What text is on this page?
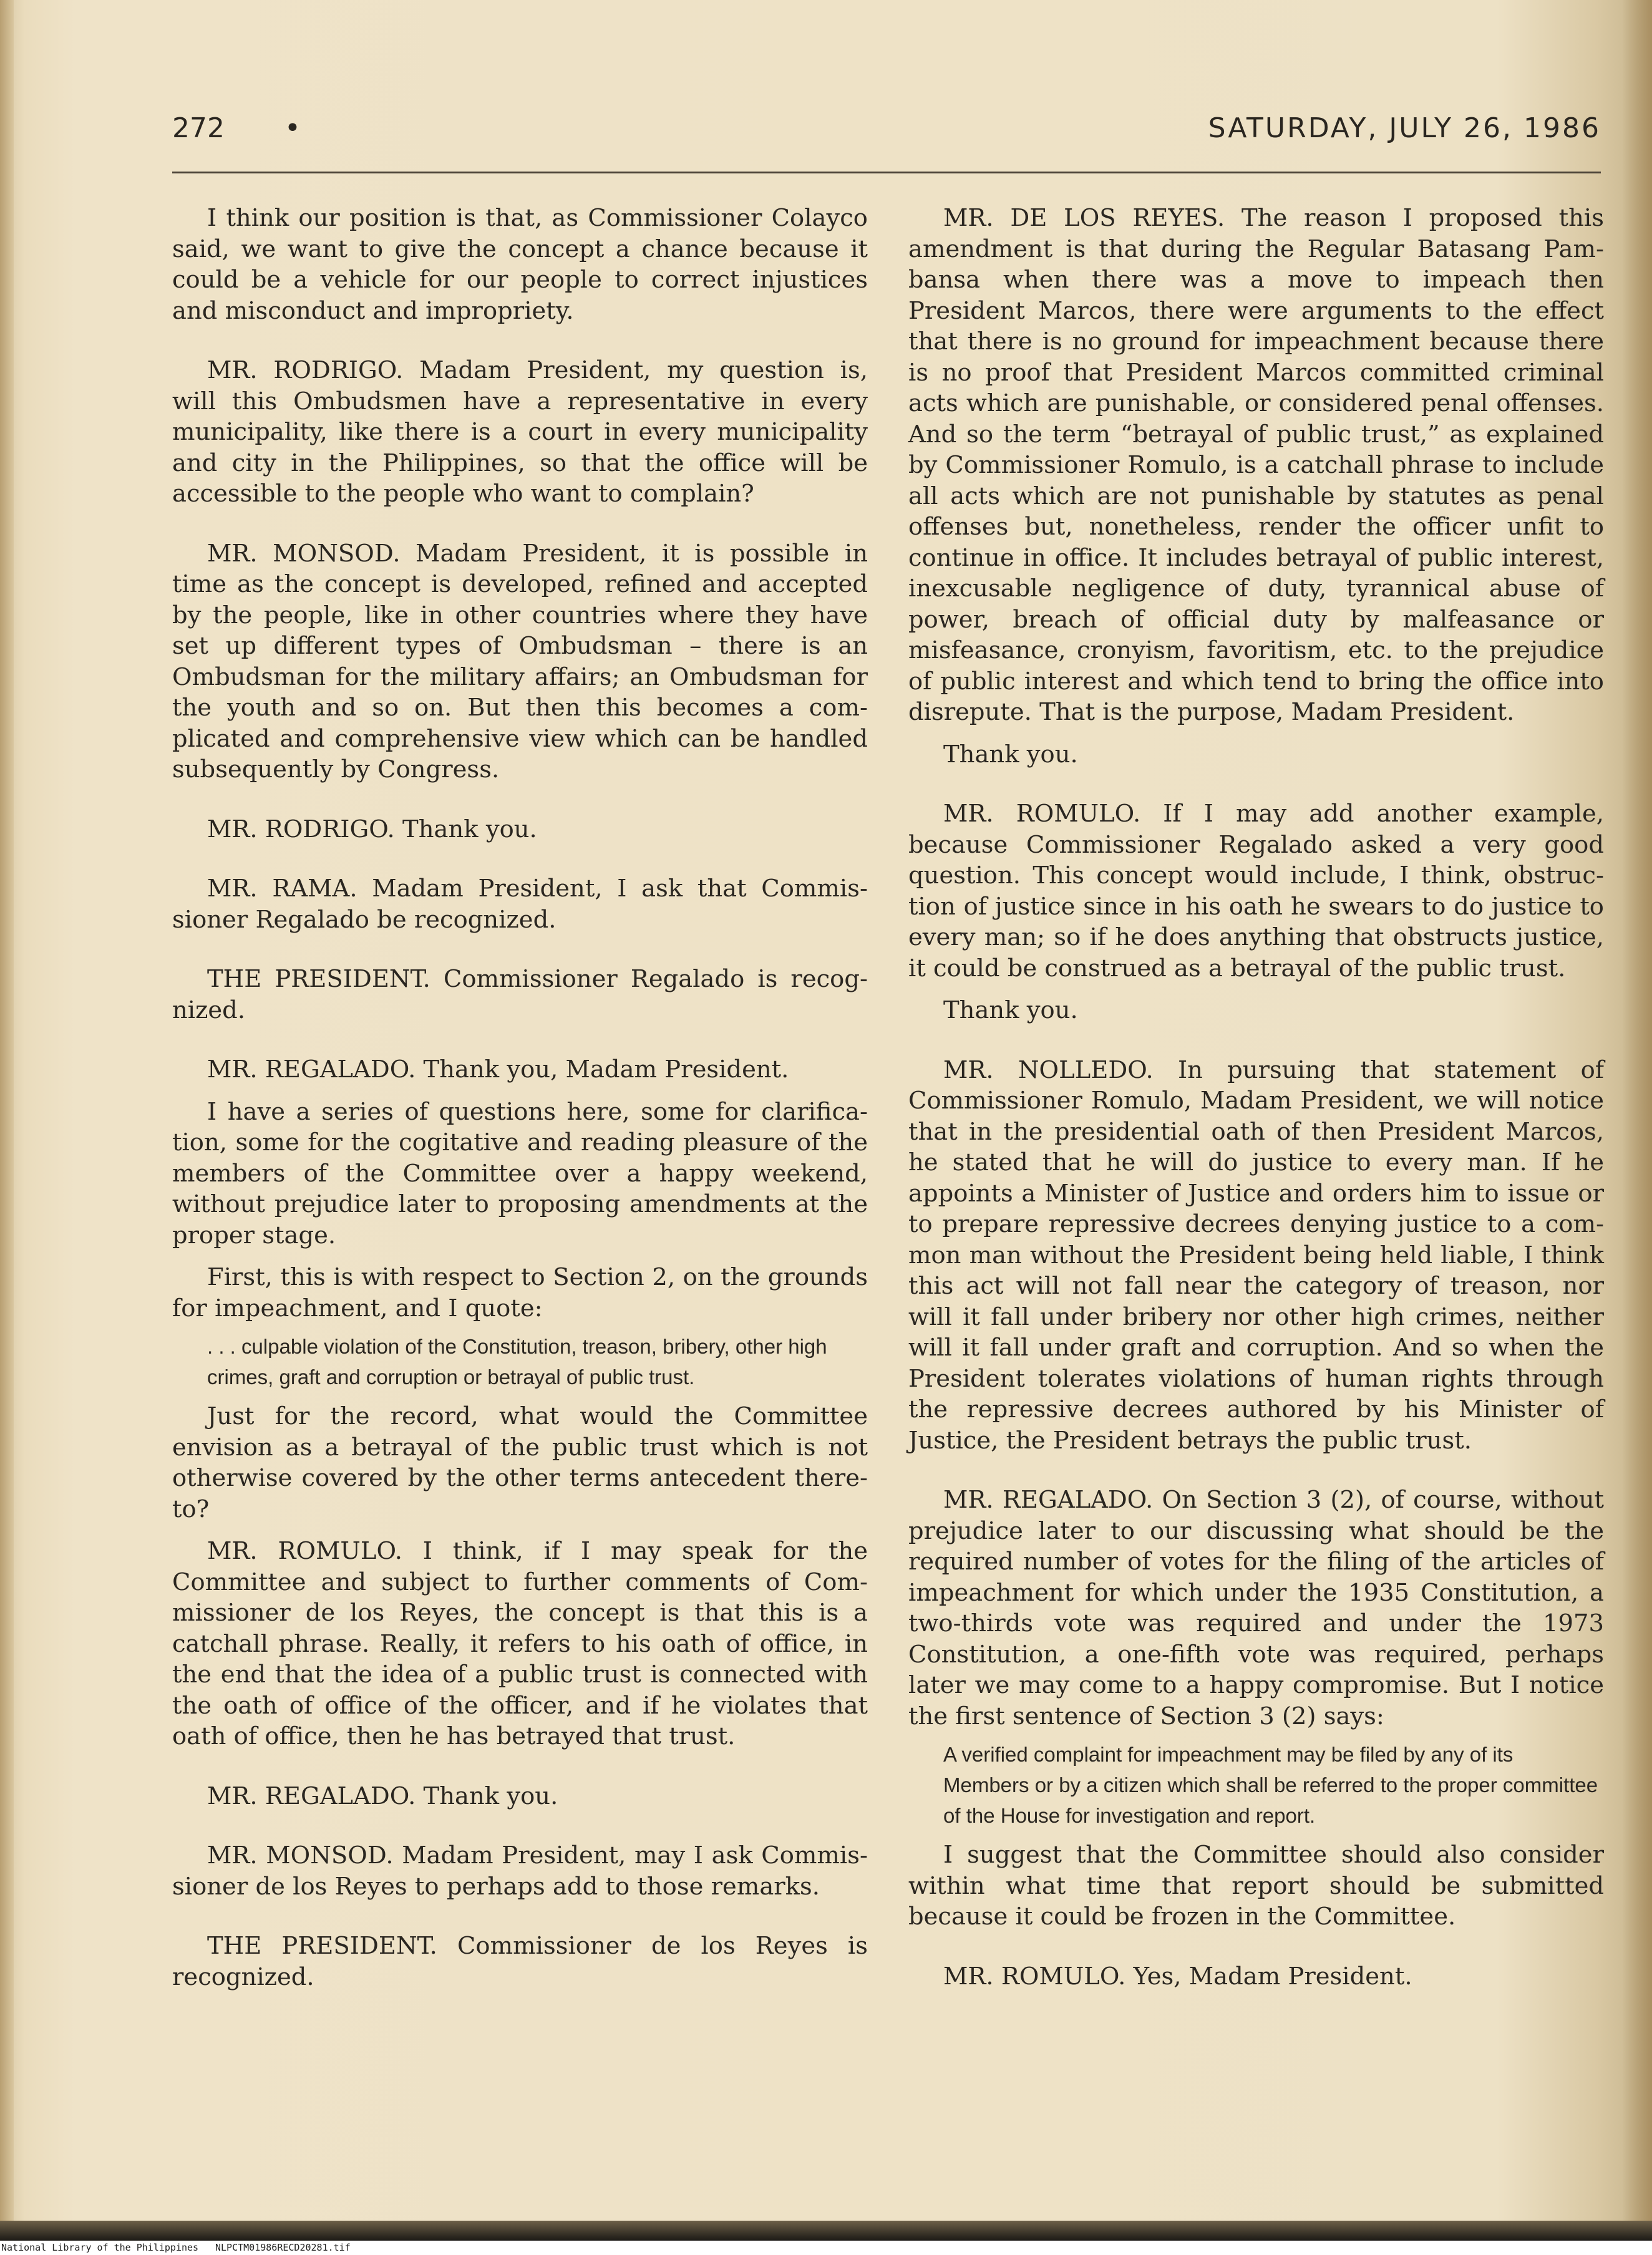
272 •	SATURDAY, JULY 26, 1986

I think our position is that, as Commissioner Colayco said, we want to give the concept a chance because it could be a vehicle for our people to correct injustices and misconduct and impropriety.

MR. RODRIGO. Madam President, my question is, will this Ombudsmen have a representative in every municipality, like there is a court in every municipality and city in the Philippines, so that the office will be accessible to the people who want to complain?

MR. MONSOD. Madam President, it is possible in time as the concept is developed, refined and accepted by the people, like in other countries where they have set up different types of Ombudsman – there is an Ombudsman for the military affairs; an Ombudsman for the youth and so on. But then this becomes a complicated and comprehensive view which can be handled subsequently by Congress.

MR. RODRIGO. Thank you.

MR. RAMA. Madam President, I ask that Commissioner Regalado be recognized.

THE PRESIDENT. Commissioner Regalado is recognized.

MR. REGALADO. Thank you, Madam President.

I have a series of questions here, some for clarification, some for the cogitative and reading pleasure of the members of the Committee over a happy weekend, without prejudice later to proposing amendments at the proper stage.

First, this is with respect to Section 2, on the grounds for impeachment, and I quote:

. . . culpable violation of the Constitution, treason, bribery, other high crimes, graft and corruption or betrayal of public trust.

Just for the record, what would the Committee envision as a betrayal of the public trust which is not otherwise covered by the other terms antecedent thereto?

MR. ROMULO. I think, if I may speak for the Committee and subject to further comments of Commissioner de los Reyes, the concept is that this is a catchall phrase. Really, it refers to his oath of office, in the end that the idea of a public trust is connected with the oath of office of the officer, and if he violates that oath of office, then he has betrayed that trust.

MR. REGALADO. Thank you.

MR. MONSOD. Madam President, may I ask Commissioner de los Reyes to perhaps add to those remarks.

THE PRESIDENT. Commissioner de los Reyes is recognized.

MR. DE LOS REYES. The reason I proposed this amendment is that during the Regular Batasang Pambansa when there was a move to impeach then President Marcos, there were arguments to the effect that there is no ground for impeachment because there is no proof that President Marcos committed criminal acts which are punishable, or considered penal offenses. And so the term “betrayal of public trust,” as explained by Commissioner Romulo, is a catchall phrase to include all acts which are not punishable by statutes as penal offenses but, nonetheless, render the officer unfit to continue in office. It includes betrayal of public interest, inexcusable negligence of duty, tyrannical abuse of power, breach of official duty by malfeasance or misfeasance, cronyism, favoritism, etc. to the prejudice of public interest and which tend to bring the office into disrepute. That is the purpose, Madam President.

Thank you.

MR. ROMULO. If I may add another example, because Commissioner Regalado asked a very good question. This concept would include, I think, obstruction of justice since in his oath he swears to do justice to every man; so if he does anything that obstructs justice, it could be construed as a betrayal of the public trust.

Thank you.

MR. NOLLEDO. In pursuing that statement of Commissioner Romulo, Madam President, we will notice that in the presidential oath of then President Marcos, he stated that he will do justice to every man. If he appoints a Minister of Justice and orders him to issue or to prepare repressive decrees denying justice to a common man without the President being held liable, I think this act will not fall near the category of treason, nor will it fall under bribery nor other high crimes, neither will it fall under graft and corruption. And so when the President tolerates violations of human rights through the repressive decrees authored by his Minister of Justice, the President betrays the public trust.

MR. REGALADO. On Section 3 (2), of course, without prejudice later to our discussing what should be the required number of votes for the filing of the articles of impeachment for which under the 1935 Constitution, a two-thirds vote was required and under the 1973 Constitution, a one-fifth vote was required, perhaps later we may come to a happy compromise. But I notice the first sentence of Section 3 (2) says:

A verified complaint for impeachment may be filed by any of its Members or by a citizen which shall be referred to the proper committee of the House for investigation and report.

I suggest that the Committee should also consider within what time that report should be submitted because it could be frozen in the Committee.

MR. ROMULO. Yes, Madam President.

National Library of the Philippines NLPCTM01986RECD20281.tif
